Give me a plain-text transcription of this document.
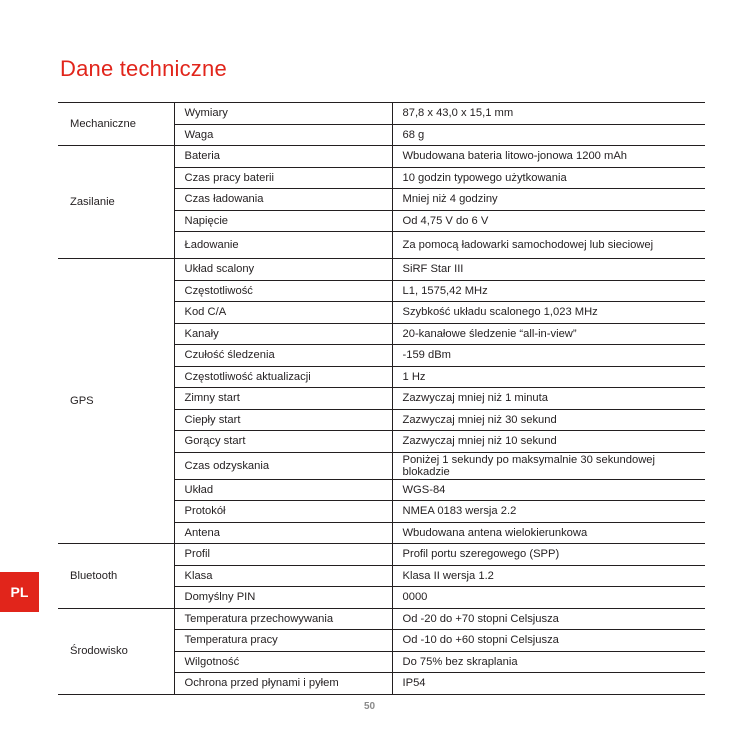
Dane techniczne
Mechaniczne	Wymiary	87,8 x 43,0 x 15,1 mm
	Waga	68 g
Zasilanie	Bateria	Wbudowana bateria litowo-jonowa 1200 mAh
	Czas pracy baterii	10 godzin typowego użytkowania
	Czas ładowania	Mniej niż 4 godziny
	Napięcie	Od 4,75 V do 6 V
	Ładowanie	Za pomocą ładowarki samochodowej lub sieciowej
GPS	Układ scalony	SiRF Star III
	Częstotliwość	L1, 1575,42 MHz
	Kod C/A	Szybkość układu scalonego 1,023 MHz
	Kanały	20-kanałowe śledzenie “all-in-view”
	Czułość śledzenia	-159 dBm
	Częstotliwość aktualizacji	1 Hz
	Zimny start	Zazwyczaj mniej niż 1 minuta
	Ciepły start	Zazwyczaj mniej niż 30 sekund
	Gorący start	Zazwyczaj mniej niż 10 sekund
	Czas odzyskania	Poniżej 1 sekundy po maksymalnie 30 sekundowej blokadzie
	Układ	WGS-84
	Protokół	NMEA 0183 wersja 2.2
	Antena	Wbudowana antena wielokierunkowa
Bluetooth	Profil	Profil portu szeregowego (SPP)
	Klasa	Klasa II wersja 1.2
	Domyślny PIN	0000
Środowisko	Temperatura przechowywania	Od -20 do +70 stopni Celsjusza
	Temperatura pracy	Od -10 do +60 stopni Celsjusza
	Wilgotność	Do 75% bez skraplania
	Ochrona przed płynami i pyłem	IP54
PL
50
